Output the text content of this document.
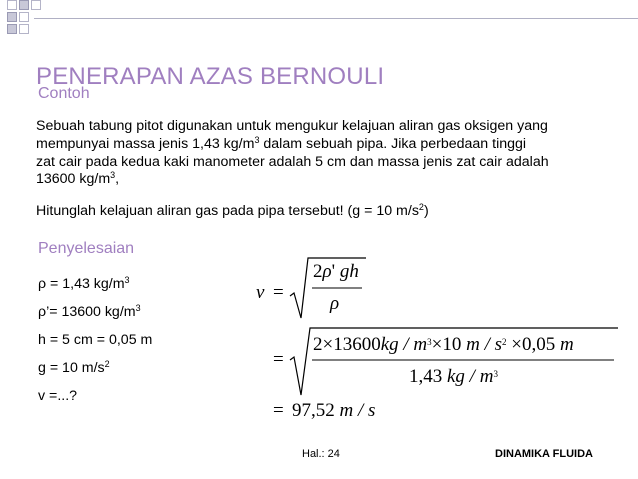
PENERAPAN AZAS BERNOULI
Contoh
Sebuah tabung pitot digunakan untuk mengukur kelajuan aliran gas oksigen yang
mempunyai massa jenis 1,43 $kg/m^3$ dalam sebuah pipa. Jika perbedaan tinggi
zat cair pada kedua kaki manometer adalah 5 cm dan massa jenis zat cair adalah
13600 $kg/m^3$,
Hitunglah kelajuan aliran gas pada pipa tersebut! (g = 10 $m/s^2$)
Penyelesaian
ρ = 1,43 $kg/m^3$
ρ’= 13600 $kg/m^3$
h = 5 cm = 0,05 m
g = 10 $m/s^2$
v =...?
v =
2ρ' gh
ρ
=
$2\times 13600kg / m^3\times 10$ $m / s^2 \times 0,05$ m
1,43 kg / $m^3$
= 97,52 m / s
Hal.: 24	DINAMIKA FLUIDA
